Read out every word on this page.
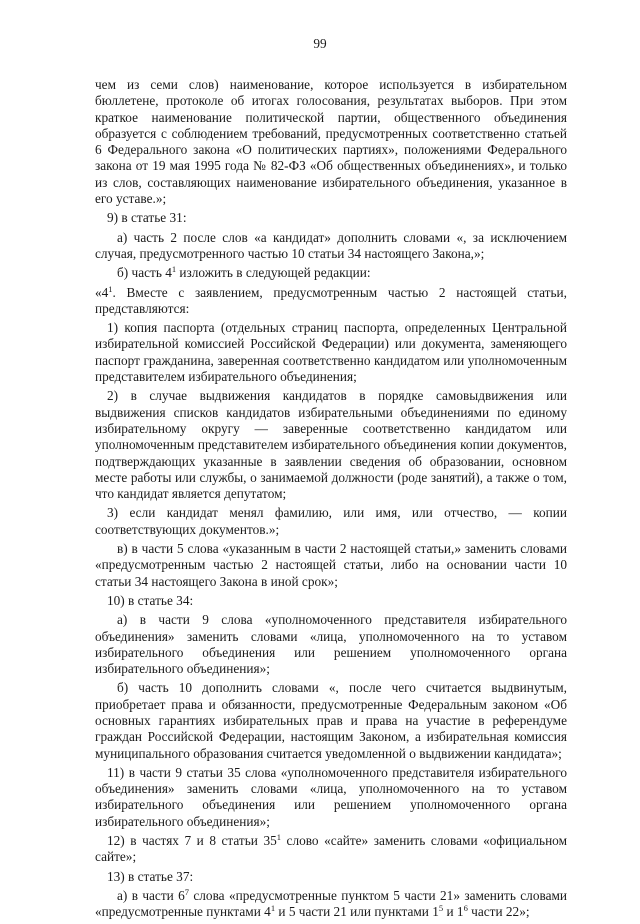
99

чем из семи слов) наименование, которое используется в избирательном бюллетене, протоколе об итогах голосования, результатах выборов. При этом краткое наименование политической партии, общественного объединения образуется с соблюдением требований, предусмотренных соответственно статьей 6 Федерального закона «О политических партиях», положениями Федерального закона от 19 мая 1995 года № 82-ФЗ «Об общественных объединениях», и только из слов, составляющих наименование избирательного объединения, указанное в его уставе.»;

9) в статье 31:

а) часть 2 после слов «а кандидат» дополнить словами «, за исключением случая, предусмотренного частью 10 статьи 34 настоящего Закона,»;

б) часть $4^1$ изложить в следующей редакции:

«$4^1$. Вместе с заявлением, предусмотренным частью 2 настоящей статьи, представляются:

1) копия паспорта (отдельных страниц паспорта, определенных Центральной избирательной комиссией Российской Федерации) или документа, заменяющего паспорт гражданина, заверенная соответственно кандидатом или уполномоченным представителем избирательного объединения;

2) в случае выдвижения кандидатов в порядке самовыдвижения или выдвижения списков кандидатов избирательными объединениями по единому избирательному округу — заверенные соответственно кандидатом или уполномоченным представителем избирательного объединения копии документов, подтверждающих указанные в заявлении сведения об образовании, основном месте работы или службы, о занимаемой должности (роде занятий), а также о том, что кандидат является депутатом;

3) если кандидат менял фамилию, или имя, или отчество, — копии соответствующих документов.»;

в) в части 5 слова «указанным в части 2 настоящей статьи,» заменить словами «предусмотренным частью 2 настоящей статьи, либо на основании части 10 статьи 34 настоящего Закона в иной срок»;

10) в статье 34:

а) в части 9 слова «уполномоченного представителя избирательного объединения» заменить словами «лица, уполномоченного на то уставом избирательного объединения или решением уполномоченного органа избирательного объединения»;

б) часть 10 дополнить словами «, после чего считается выдвинутым, приобретает права и обязанности, предусмотренные Федеральным законом «Об основных гарантиях избирательных прав и права на участие в референдуме граждан Российской Федерации, настоящим Законом, а избирательная комиссия муниципального образования считается уведомленной о выдвижении кандидата»;

11) в части 9 статьи 35 слова «уполномоченного представителя избирательного объединения» заменить словами «лица, уполномоченного на то уставом избирательного объединения или решением уполномоченного органа избирательного объединения»;

12) в частях 7 и 8 статьи $35^1$ слово «сайте» заменить словами «официальном сайте»;

13) в статье 37:

а) в части $6^7$ слова «предусмотренные пунктом 5 части 21» заменить словами «предусмотренные пунктами $4^1$ и 5 части 21 или пунктами $1^5$ и $1^6$ части 22»;
